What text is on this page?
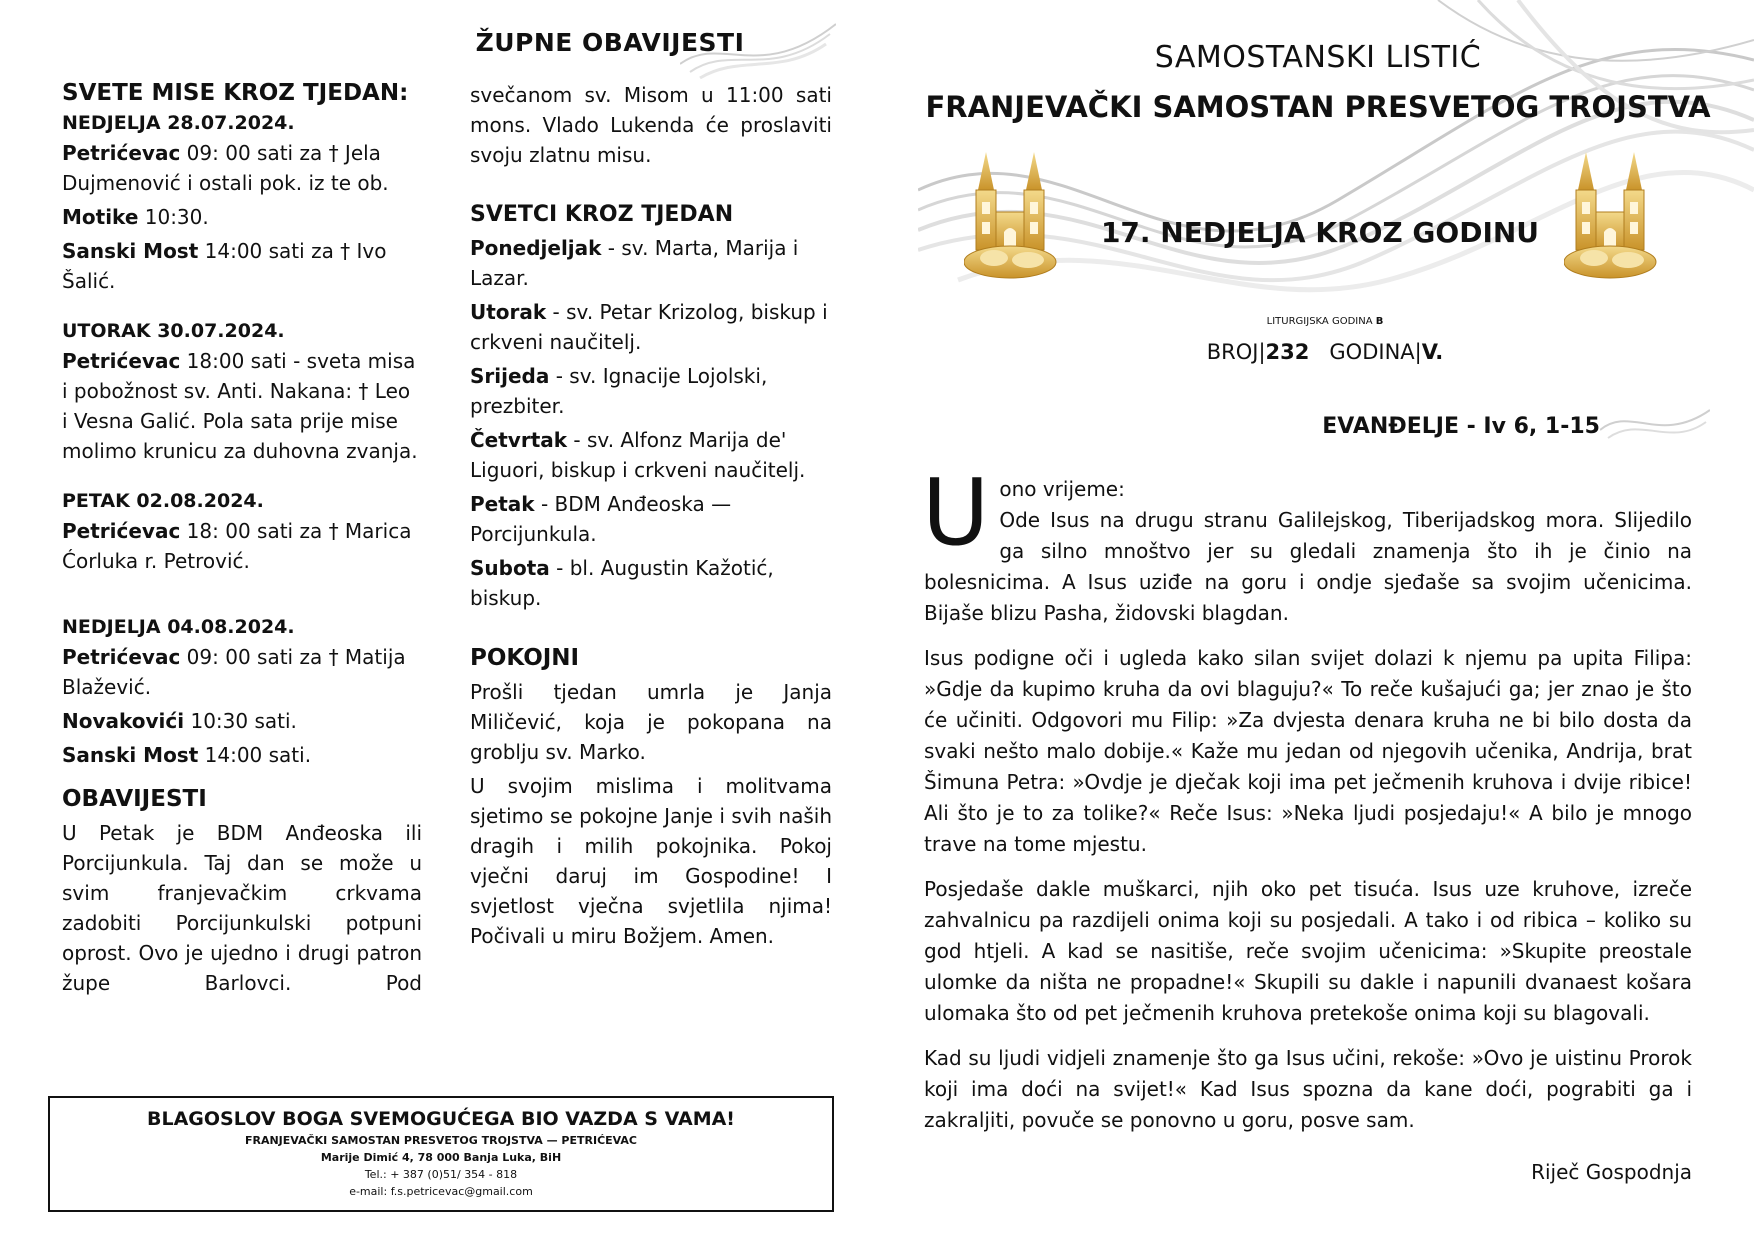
ŽUPNE OBAVIJESTI
SVETE MISE KROZ TJEDAN:
NEDJELJA 28.07.2024.

Petrićevac 09: 00 sati za † Jela Dujmenović i ostali pok. iz te ob.

Motike 10:30.

Sanski Most 14:00 sati za † Ivo Šalić.

UTORAK 30.07.2024.

Petrićevac 18:00 sati - sveta misa i pobožnost sv. Anti. Nakana: † Leo i Vesna Galić. Pola sata prije mise molimo krunicu za duhovna zvanja.

PETAK 02.08.2024.

Petrićevac 18: 00 sati za † Marica Ćorluka r. Petrović.

NEDJELJA 04.08.2024.

Petrićevac 09: 00 sati za † Matija Blažević.

Novakovići 10:30 sati.

Sanski Most 14:00 sati.

OBAVIJESTI

U Petak je BDM Anđeoska ili Porcijunkula. Taj dan se može u svim franjevačkim crkvama zadobiti Porcijunkulski potpuni oprost. Ovo je ujedno i drugi patron župe Barlovci. Pod

svečanom sv. Misom u 11:00 sati mons. Vlado Lukenda će proslaviti svoju zlatnu misu.

SVETCI KROZ TJEDAN

Ponedjeljak - sv. Marta, Marija i Lazar.

Utorak - sv. Petar Krizolog, biskup i crkveni naučitelj.

Srijeda - sv. Ignacije Lojolski, prezbiter.

Četvrtak - sv. Alfonz Marija de' Liguori, biskup i crkveni naučitelj.

Petak - BDM Anđeoska — Porcijunkula.

Subota - bl. Augustin Kažotić, biskup.

POKOJNI

Prošli tjedan umrla je Janja Miličević, koja je pokopana na groblju sv. Marko.

U svojim mislima i molitvama sjetimo se pokojne Janje i svih naših dragih i milih pokojnika. Pokoj vječni daruj im Gospodine! I svjetlost vječna svjetlila njima! Počivali u miru Božjem. Amen.

BLAGOSLOV BOGA SVEMOGUĆEGA BIO VAZDA S VAMA!
FRANJEVAČKI SAMOSTAN PRESVETOG TROJSTVA — PETRIĆEVAC
Marije Dimić 4, 78 000 Banja Luka, BiH
Tel.: + 387 (0)51/ 354 - 818
e-mail: f.s.petricevac@gmail.com
SAMOSTANSKI LISTIĆ
FRANJEVAČKI SAMOSTAN PRESVETOG TROJSTVA
17. NEDJELJA KROZ GODINU
LITURGIJSKA GODINA B
BROJ|232 GODINA|V.
EVANĐELJE - Iv 6, 1-15

Uono vrijeme:
Ode Isus na drugu stranu Galilejskog, Tiberijadskog mora. Slijedilo ga silno mnoštvo jer su gledali znamenja što ih je činio na bolesnicima. A Isus uziđe na goru i ondje sjeđaše sa svojim učenicima. Bijaše blizu Pasha, židovski blagdan.

Isus podigne oči i ugleda kako silan svijet dolazi k njemu pa upita Filipa: »Gdje da kupimo kruha da ovi blaguju?« To reče kušajući ga; jer znao je što će učiniti. Odgovori mu Filip: »Za dvjesta denara kruha ne bi bilo dosta da svaki nešto malo dobije.« Kaže mu jedan od njegovih učenika, Andrija, brat Šimuna Petra: »Ovdje je dječak koji ima pet ječmenih kruhova i dvije ribice! Ali što je to za tolike?« Reče Isus: »Neka ljudi posjedaju!« A bilo je mnogo trave na tome mjestu.

Posjedaše dakle muškarci, njih oko pet tisuća. Isus uze kruhove, izreče zahvalnicu pa razdijeli onima koji su posjedali. A tako i od ribica – koliko su god htjeli. A kad se nasitiše, reče svojim učenicima: »Skupite preostale ulomke da ništa ne propadne!« Skupili su dakle i napunili dvanaest košara ulomaka što od pet ječmenih kruhova pretekoše onima koji su blagovali.

Kad su ljudi vidjeli znamenje što ga Isus učini, rekoše: »Ovo je uistinu Prorok koji ima doći na svijet!« Kad Isus spozna da kane doći, pograbiti ga i zakraljiti, povuče se ponovno u goru, posve sam.

Riječ Gospodnja
